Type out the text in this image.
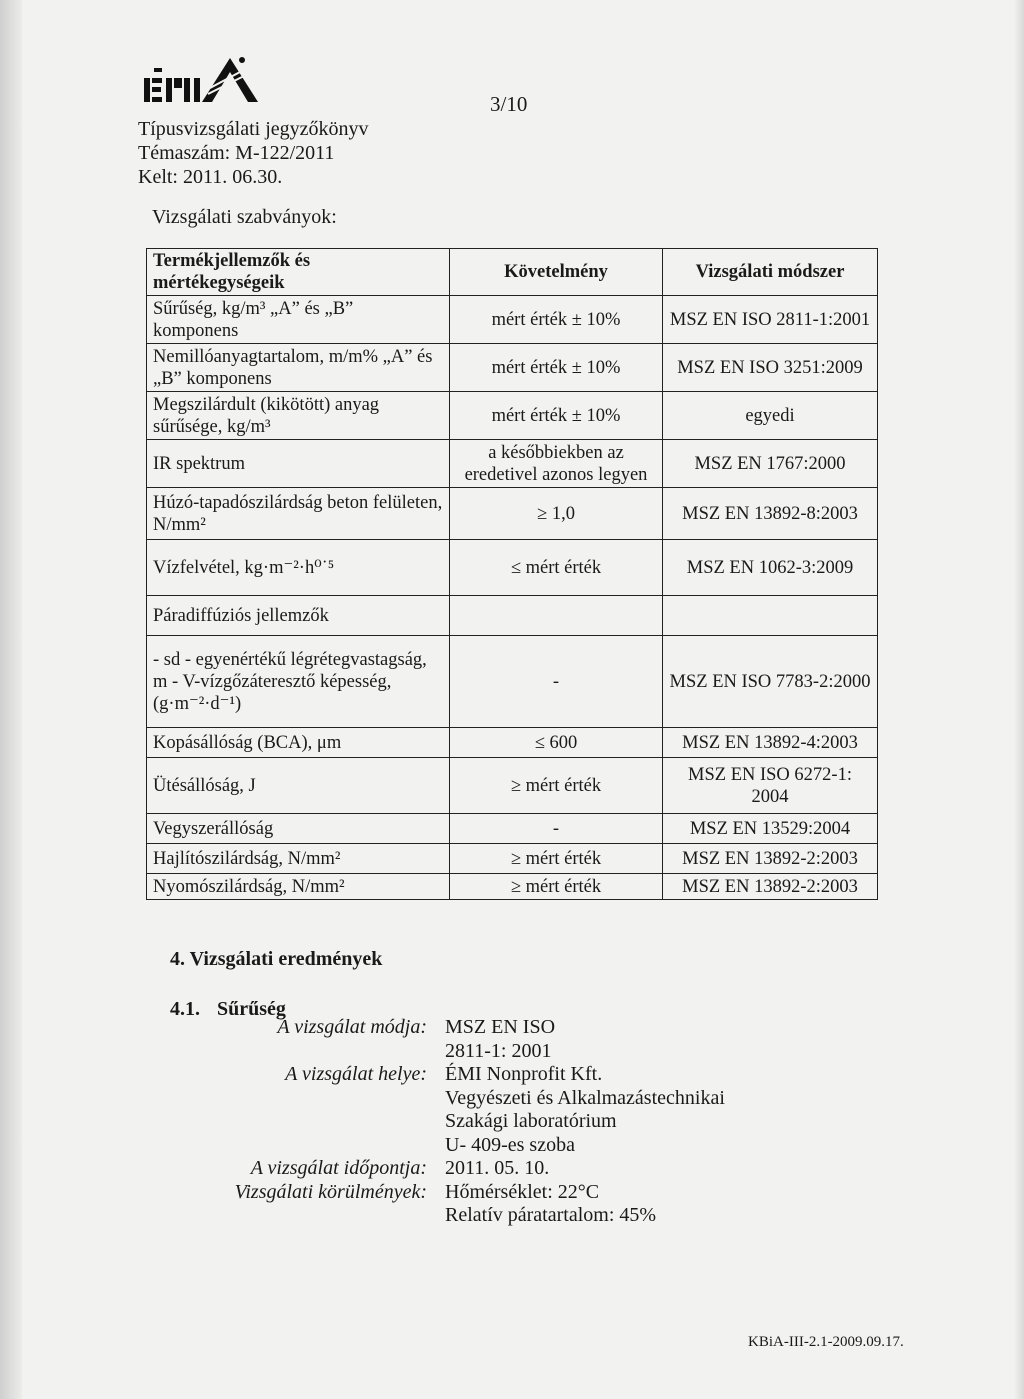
3/10
Típusvizsgálati jegyzőkönyv
Témaszám: M-122/2011
Kelt: 2011. 06.30.
Vizsgálati szabványok:
Termékjellemzők és mértékegységeik	Követelmény	Vizsgálati módszer
Sűrűség, kg/m³ „A” és „B” komponens	mért érték ± 10%	MSZ EN ISO 2811-1:2001
Nemillóanyagtartalom, m/m% „A” és „B” komponens	mért érték ± 10%	MSZ EN ISO 3251:2009
Megszilárdult (kikötött) anyag sűrűsége, kg/m³	mért érték ± 10%	egyedi
IR spektrum	a későbbiekben az eredetivel azonos legyen	MSZ EN 1767:2000
Húzó-tapadószilárdság beton felületen, N/mm²	≥ 1,0	MSZ EN 13892-8:2003
Vízfelvétel, kg·m⁻²·h⁰˙⁵	≤ mért érték	MSZ EN 1062-3:2009
Páradiffúziós jellemzők		
- sd - egyenértékű légrétegvastagság, m - V-vízgőzáteresztő képesség, (g·m⁻²·d⁻¹)	-	MSZ EN ISO 7783-2:2000
Kopásállóság (BCA), μm	≤ 600	MSZ EN 13892-4:2003
Ütésállóság, J	≥ mért érték	MSZ EN ISO 6272-1: 2004
Vegyszerállóság	-	MSZ EN 13529:2004
Hajlítószilárdság, N/mm²	≥ mért érték	MSZ EN 13892-2:2003
Nyomószilárdság, N/mm²	≥ mért érték	MSZ EN 13892-2:2003
4. Vizsgálati eredmények
4.1. Sűrűség
A vizsgálat módja: MSZ EN ISO
2811-1: 2001
A vizsgálat helye: ÉMI Nonprofit Kft.
Vegyészeti és Alkalmazástechnikai
Szakági laboratórium
U- 409-es szoba
A vizsgálat időpontja: 2011. 05. 10.
Vizsgálati körülmények: Hőmérséklet: 22°C
Relatív páratartalom: 45%
KBiA-III-2.1-2009.09.17.
